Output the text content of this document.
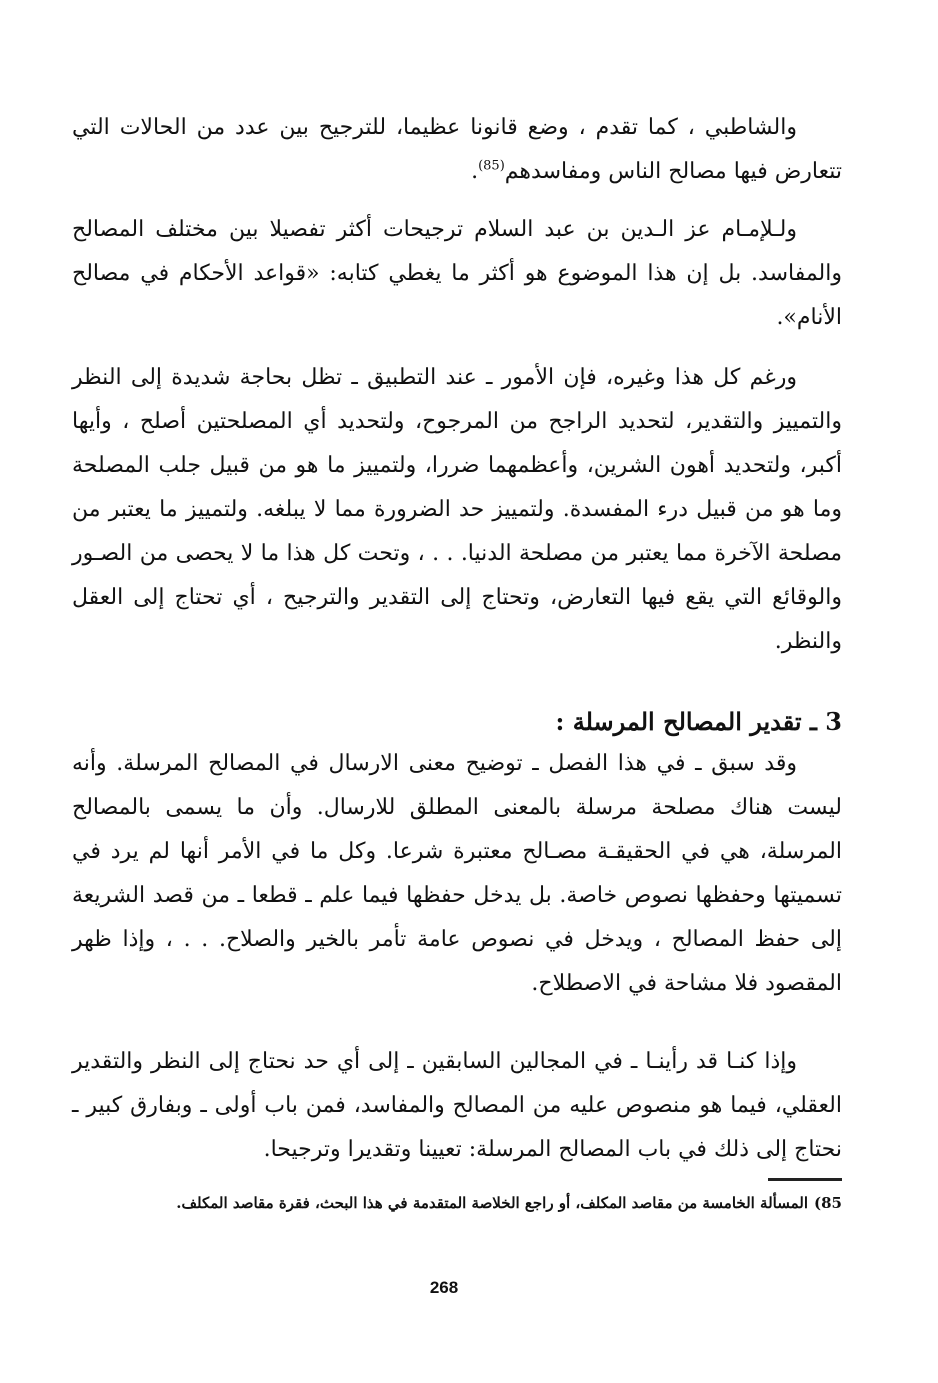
والشاطبي ، كما تقدم ، وضع قانونا عظيما، للترجيح بين عدد من الحالات التي تتعارض فيها مصالح الناس ومفاسدهم$^{(85)}$.

ولـلإمـام عز الـدين بن عبد السلام ترجيحات أكثر تفصيلا بين مختلف المصالح والمفاسد. بل إن هذا الموضوع هو أكثر ما يغطي كتابه: «قواعد الأحكام في مصالح الأنام».

ورغم كل هذا وغيره، فإن الأمور ـ عند التطبيق ـ تظل بحاجة شديدة إلى النظر والتمييز والتقدير، لتحديد الراجح من المرجوح، ولتحديد أي المصلحتين أصلح ، وأيها أكبر، ولتحديد أهون الشرين، وأعظمهما ضررا، ولتمييز ما هو من قبيل جلب المصلحة وما هو من قبيل درء المفسدة. ولتمييز حد الضرورة مما لا يبلغه. ولتمييز ما يعتبر من مصلحة الآخرة مما يعتبر من مصلحة الدنيا. . . ، وتحت كل هذا ما لا يحصى من الصـور والوقائع التي يقع فيها التعارض، وتحتاج إلى التقدير والترجيح ، أي تحتاج إلى العقل والنظر.

3 ـ تقدير المصالح المرسلة :

وقد سبق ـ في هذا الفصل ـ توضيح معنى الارسال في المصالح المرسلة. وأنه ليست هناك مصلحة مرسلة بالمعنى المطلق للارسال. وأن ما يسمى بالمصالح المرسلة، هي في الحقيقـة مصـالح معتبرة شرعا. وكل ما في الأمر أنها لم يرد في تسميتها وحفظها نصوص خاصة. بل يدخل حفظها فيما علم ـ قطعا ـ من قصد الشريعة إلى حفظ المصالح ، ويدخل في نصوص عامة تأمر بالخير والصلاح. . . ، وإذا ظهر المقصود فلا مشاحة في الاصطلاح.

وإذا كنـا قد رأينـا ـ في المجالين السابقين ـ إلى أي حد نحتاج إلى النظر والتقدير العقلي، فيما هو منصوص عليه من المصالح والمفاسد، فمن باب أولى ـ وبفارق كبير ـ نحتاج إلى ذلك في باب المصالح المرسلة: تعيينا وتقديرا وترجيحا.

85)المسألة الخامسة من مقاصد المكلف، أو راجع الخلاصة المتقدمة في هذا البحث، فقرة مقاصد المكلف.
268
